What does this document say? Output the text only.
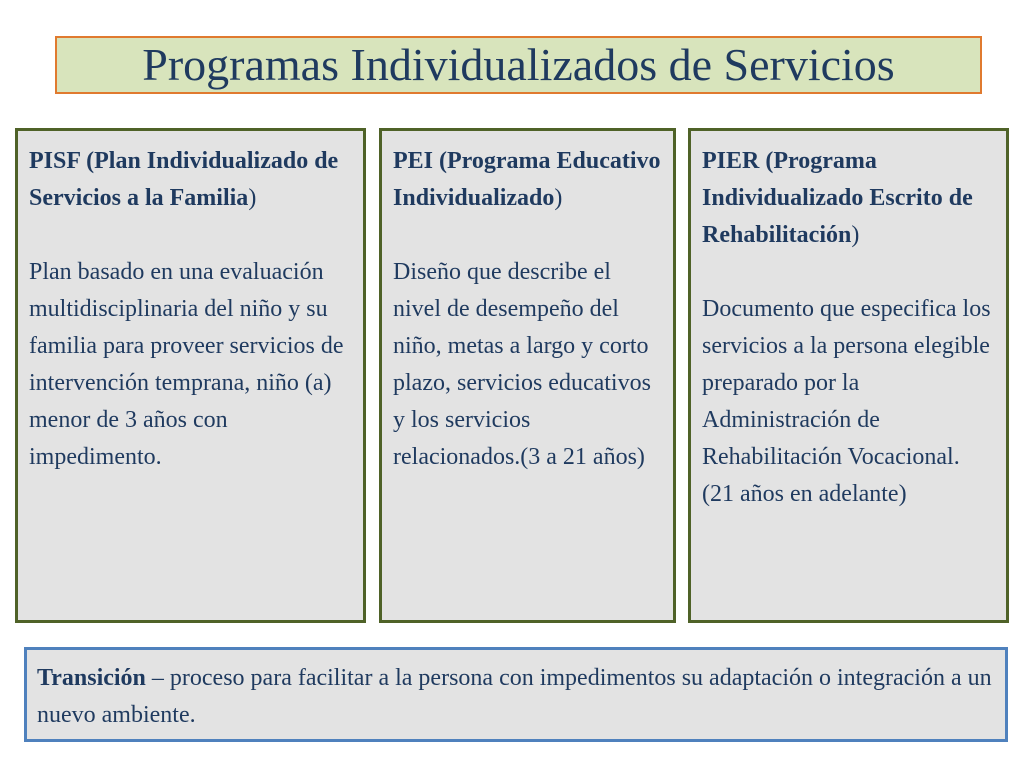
Programas Individualizados de Servicios
PISF (Plan Individualizado de Servicios a la Familia)
Plan basado en una evaluación multidisciplinaria del niño y su familia para proveer servicios de intervención temprana, niño (a) menor de 3 años con impedimento.
PEI (Programa Educativo Individualizado)
Diseño que describe el nivel de desempeño del niño, metas a largo y corto plazo, servicios educativos y los servicios relacionados.(3 a 21 años)
PIER (Programa Individualizado Escrito de Rehabilitación)
Documento que especifica los servicios a la persona elegible preparado por la Administración de Rehabilitación Vocacional. (21 años en adelante)
Transición – proceso para facilitar a la persona con impedimentos su adaptación o integración a un nuevo ambiente.
